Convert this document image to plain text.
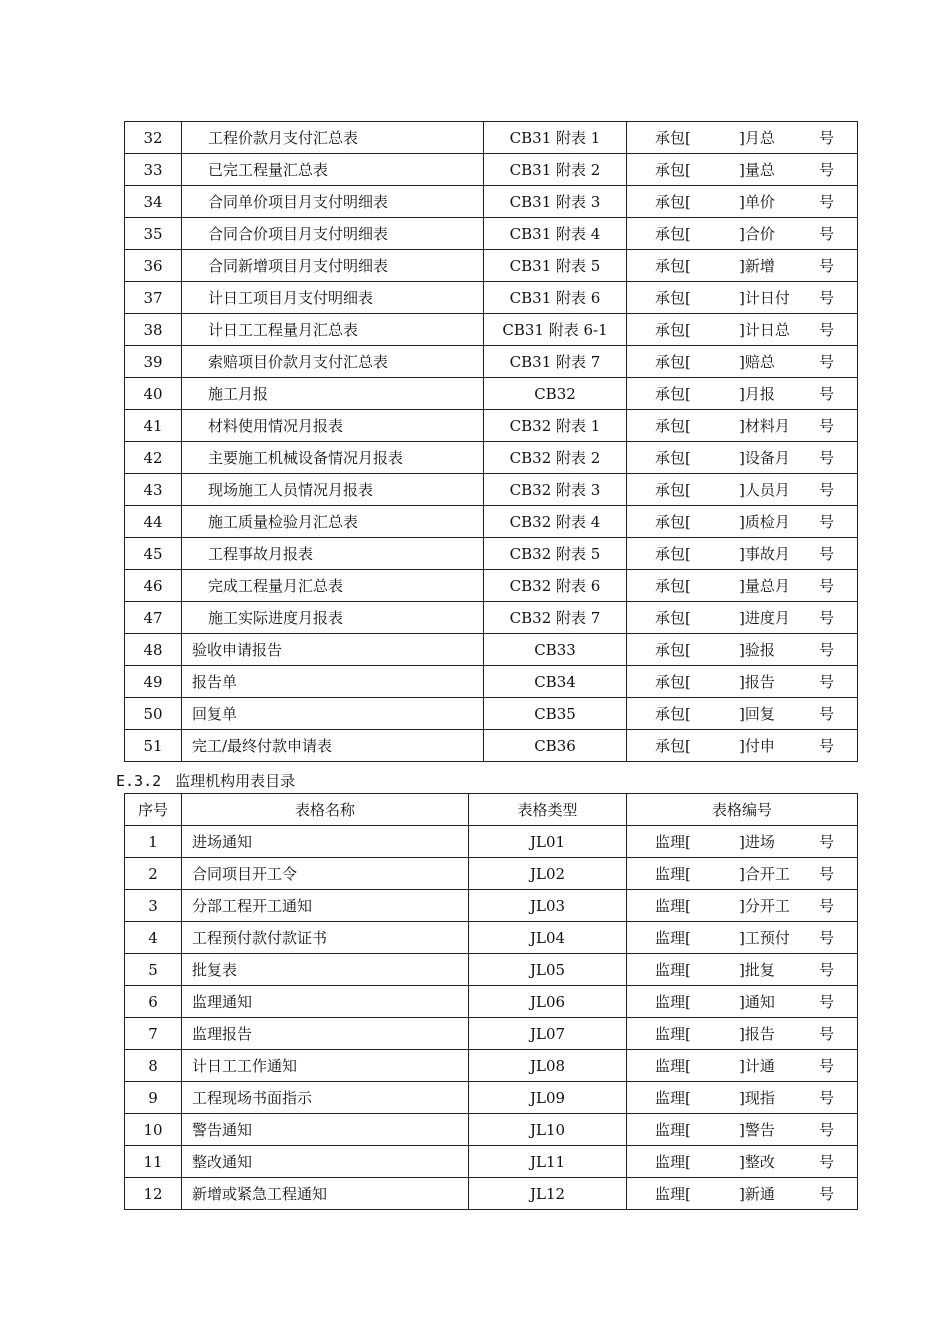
32	工程价款月支付汇总表	CB31 附表 1	承包[ ]月总 号
33	已完工程量汇总表	CB31 附表 2	承包[ ]量总 号
34	合同单价项目月支付明细表	CB31 附表 3	承包[ ]单价 号
35	合同合价项目月支付明细表	CB31 附表 4	承包[ ]合价 号
36	合同新增项目月支付明细表	CB31 附表 5	承包[ ]新增 号
37	计日工项目月支付明细表	CB31 附表 6	承包[ ]计日付 号
38	计日工工程量月汇总表	CB31 附表 6-1	承包[ ]计日总 号
39	索赔项目价款月支付汇总表	CB31 附表 7	承包[ ]赔总 号
40	施工月报	CB32	承包[ ]月报 号
41	材料使用情况月报表	CB32 附表 1	承包[ ]材料月 号
42	主要施工机械设备情况月报表	CB32 附表 2	承包[ ]设备月 号
43	现场施工人员情况月报表	CB32 附表 3	承包[ ]人员月 号
44	施工质量检验月汇总表	CB32 附表 4	承包[ ]质检月 号
45	工程事故月报表	CB32 附表 5	承包[ ]事故月 号
46	完成工程量月汇总表	CB32 附表 6	承包[ ]量总月 号
47	施工实际进度月报表	CB32 附表 7	承包[ ]进度月 号
48	验收申请报告	CB33	承包[ ]验报 号
49	报告单	CB34	承包[ ]报告 号
50	回复单	CB35	承包[ ]回复 号
51	完工/最终付款申请表	CB36	承包[ ]付申 号
E.3.2 监理机构用表目录
序号	表格名称	表格类型	表格编号
1	进场通知	JL01	监理[ ]进场 号
2	合同项目开工令	JL02	监理[ ]合开工 号
3	分部工程开工通知	JL03	监理[ ]分开工 号
4	工程预付款付款证书	JL04	监理[ ]工预付 号
5	批复表	JL05	监理[ ]批复 号
6	监理通知	JL06	监理[ ]通知 号
7	监理报告	JL07	监理[ ]报告 号
8	计日工工作通知	JL08	监理[ ]计通 号
9	工程现场书面指示	JL09	监理[ ]现指 号
10	警告通知	JL10	监理[ ]警告 号
11	整改通知	JL11	监理[ ]整改 号
12	新增或紧急工程通知	JL12	监理[ ]新通 号
